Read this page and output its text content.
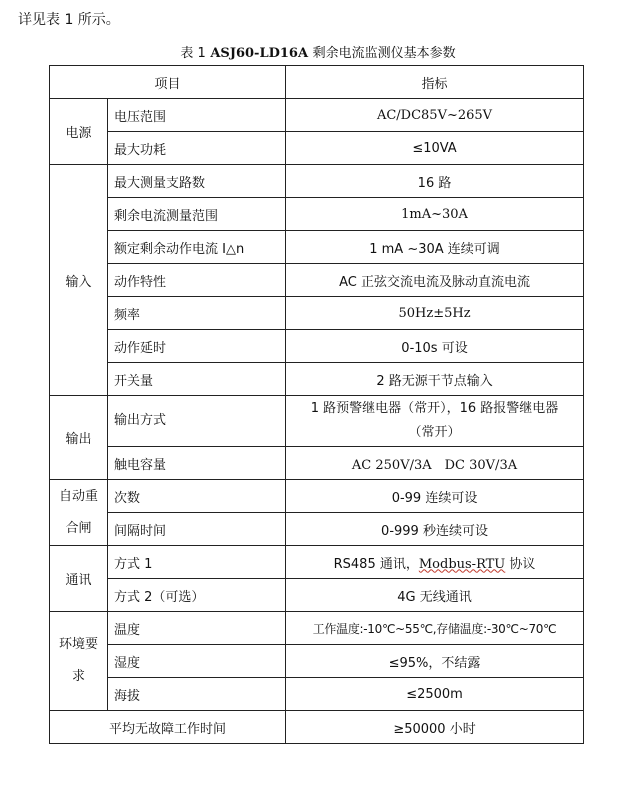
详见表 1 所示。
表 1 ASJ60-LD16A 剩余电流监测仪基本参数
项目		指标
电源	电压范围	AC/DC85V~265V
	最大功耗	≤10VA
输入	最大测量支路数	16 路
	剩余电流测量范围	1mA~30A
	额定剩余动作电流 I△n	1 mA ~30A 连续可调
	动作特性	AC 正弦交流电流及脉动直流电流
	频率	50Hz±5Hz
	动作延时	0-10s 可设
	开关量	2 路无源干节点输入
输出	输出方式	1 路预警继电器（常开），16 路报警继电器
（常开）
	触电容量	AC 250V/3A　DC 30V/3A
自动重
合闸	次数	0-99 连续可设
	间隔时间	0-999 秒连续可设
通讯	方式 1	RS485 通讯，Modbus-RTU 协议
	方式 2（可选）	4G 无线通讯
环境要
求	温度	工作温度:-10℃~55℃,存储温度:-30℃~70℃
	湿度	≤95%，不结露
	海拔	≤2500m
平均无故障工作时间		≥50000 小时
